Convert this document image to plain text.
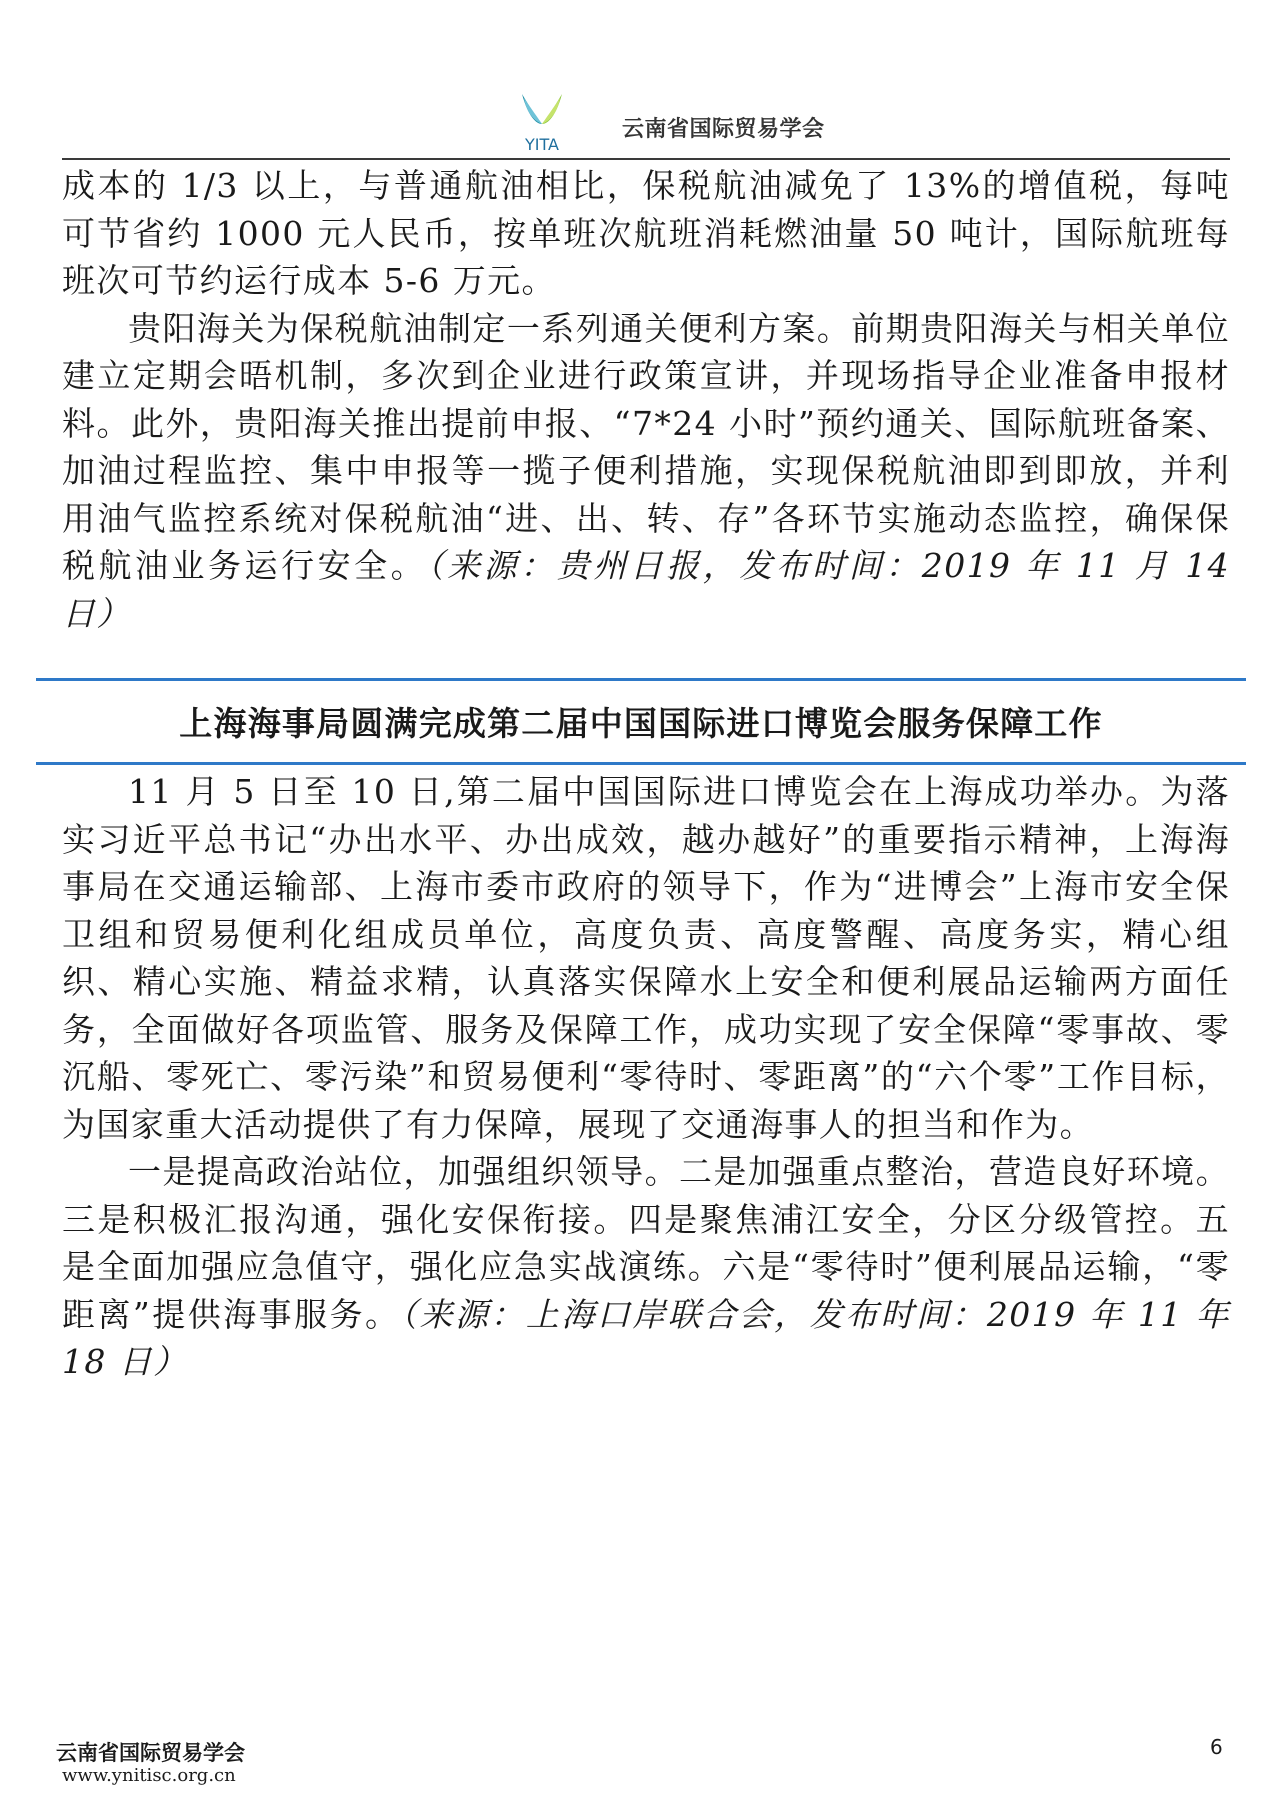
YITA
云南省国际贸易学会

成本的 1/3 以上，与普通航油相比，保税航油减免了 13%的增值税，每吨可节省约 1000 元人民币，按单班次航班消耗燃油量 50 吨计，国际航班每班次可节约运行成本 5-6 万元。

贵阳海关为保税航油制定一系列通关便利方案。前期贵阳海关与相关单位建立定期会晤机制，多次到企业进行政策宣讲，并现场指导企业准备申报材料。此外，贵阳海关推出提前申报、“7*24 小时”预约通关、国际航班备案、加油过程监控、集中申报等一揽子便利措施，实现保税航油即到即放，并利用油气监控系统对保税航油“进、出、转、存”各环节实施动态监控，确保保税航油业务运行安全。（来源：贵州日报，发布时间：2019 年 11 月 14 日）

上海海事局圆满完成第二届中国国际进口博览会服务保障工作

11 月 5 日至 10 日,第二届中国国际进口博览会在上海成功举办。为落实习近平总书记“办出水平、办出成效，越办越好”的重要指示精神，上海海事局在交通运输部、上海市委市政府的领导下，作为“进博会”上海市安全保卫组和贸易便利化组成员单位，高度负责、高度警醒、高度务实，精心组织、精心实施、精益求精，认真落实保障水上安全和便利展品运输两方面任务，全面做好各项监管、服务及保障工作，成功实现了安全保障“零事故、零沉船、零死亡、零污染”和贸易便利“零待时、零距离”的“六个零”工作目标，为国家重大活动提供了有力保障，展现了交通海事人的担当和作为。

一是提高政治站位，加强组织领导。二是加强重点整治，营造良好环境。三是积极汇报沟通，强化安保衔接。四是聚焦浦江安全，分区分级管控。五是全面加强应急值守，强化应急实战演练。六是“零待时”便利展品运输，“零距离”提供海事服务。（来源：上海口岸联合会，发布时间：2019 年 11 年 18 日）

云南省国际贸易学会
www.ynitisc.org.cn
6
